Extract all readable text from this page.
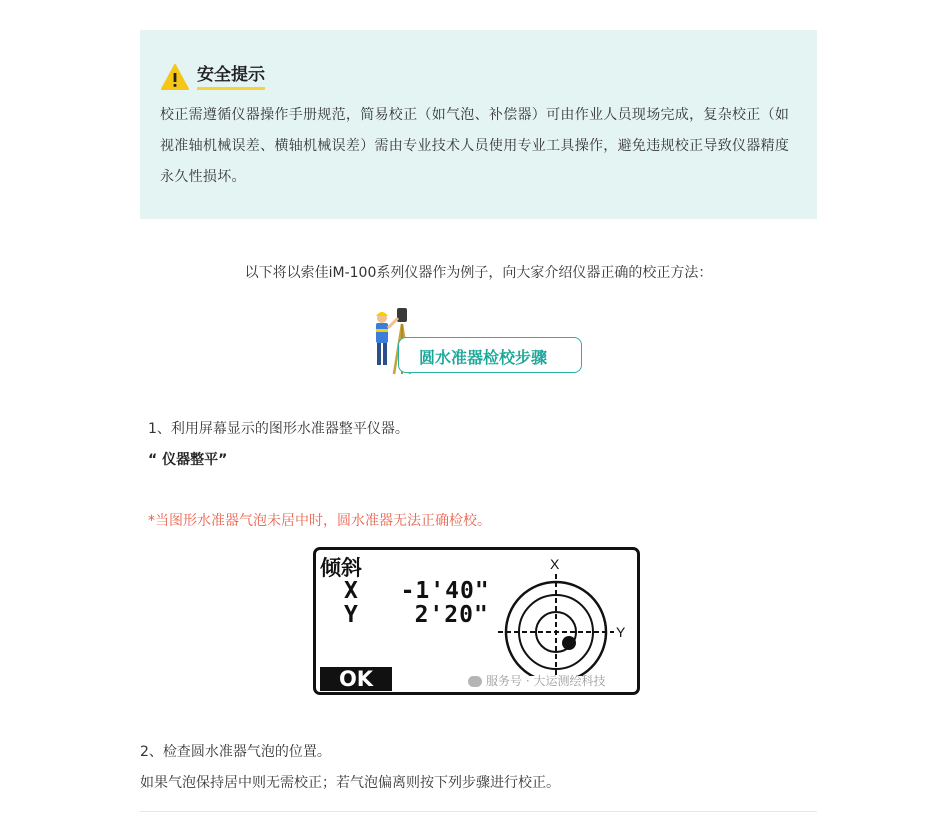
安全提示
校正需遵循仪器操作手册规范，简易校正（如气泡、补偿器）可由作业人员现场完成，复杂校正（如视准轴机械误差、横轴机械误差）需由专业技术人员使用专业工具操作，避免违规校正导致仪器精度永久性损坏。
以下将以索佳iM-100系列仪器作为例子，向大家介绍仪器正确的校正方法：
圆水准器检校步骤
1、利用屏幕显示的图形水准器整平仪器。
“ 仪器整平”
*当图形水准器气泡未居中时，圆水准器无法正确检校。
倾斜
X -1'40"
Y 2'20"
X
Y
OK	服务号 · 大运测绘科技
2、检查圆水准器气泡的位置。
如果气泡保持居中则无需校正；若气泡偏离则按下列步骤进行校正。
